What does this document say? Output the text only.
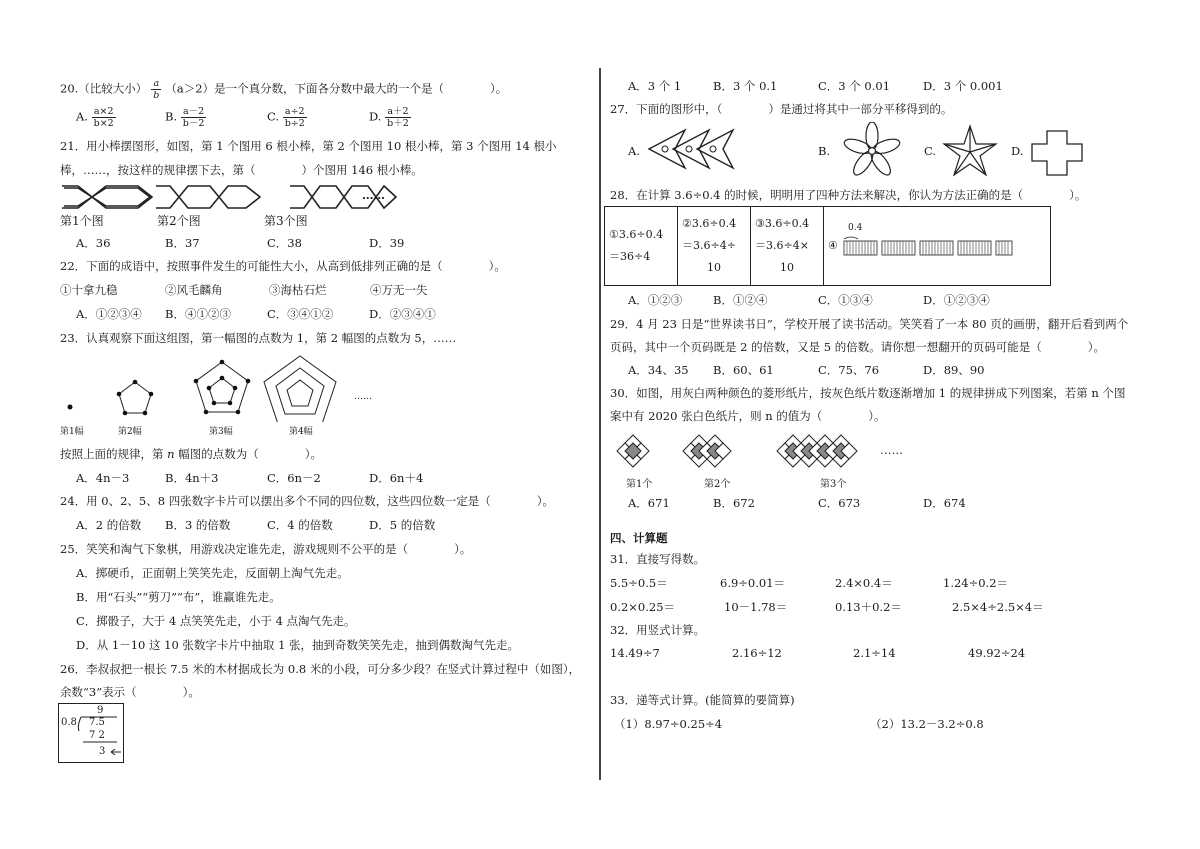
20.（比较大小） $\frac{a}{b} (a>2)$是一个真分数，下面各分数中最大的一个是（　　　　）。
A. $\frac{a\times 2}{b\times 2}$	B. $\frac{a-2}{b-2}$	C. $\frac{a\div 2}{b\div 2}$	D. $\frac{a+2}{b+2}$
21．用小棒摆图形，如图，第 1 个图用 6 根小棒，第 2 个图用 10 根小棒，第 3 个图用 14 根小
棒，……，按这样的规律摆下去，第（　　　　）个图用 146 根小棒。
……
第1个图	第2个图	第3个图
A．36	B．37	C．38	D．39
22．下面的成语中，按照事件发生的可能性大小，从高到低排列正确的是（　　　　）。
①十拿九稳	②风毛麟角	③海枯石烂	④万无一失
A．①②③④ B．④①②③	C．③④①②	D．②③④①
23．认真观察下面这组图，第一幅图的点数为 1，第 2 幅图的点数为 5，……
……
第1幅	第2幅	第3幅	第4幅
按照上面的规律，第 n 幅图的点数为（　　　　）。
A．4n－3	B．4n＋3	C．6n－2	D．6n＋4
24．用 0、2、5、8 四张数字卡片可以摆出多个不同的四位数，这些四位数一定是（　　　　）。
A．2 的倍数 B．3 的倍数	C．4 的倍数	D．5 的倍数
25．笑笑和淘气下象棋，用游戏决定谁先走，游戏规则不公平的是（　　　　）。
A．掷硬币，正面朝上笑笑先走，反面朝上淘气先走。
B．用“石头”“剪刀”“布”，谁赢谁先走。
C．掷骰子，大于 4 点笑笑先走，小于 4 点淘气先走。
D．从 1－10 这 10 张数字卡片中抽取 1 张，抽到奇数笑笑先走，抽到偶数淘气先走。
26．李叔叔把一根长 7.5 米的木材据成长为 0.8 米的小段，可分多少段？在竖式计算过程中（如图），
余数“3”表示（　　　　）。
9
0.8 7.5
7 2
3
A．3 个 1	B．3 个 0.1	C．3 个 0.01	D．3 个 0.001
27．下面的图形中，（　　　　）是通过将其中一部分平移得到的。
A.	B.	C.	D.
28．在计算 3.6÷0.4 的时候，明明用了四种方法来解决，你认为方法正确的是（　　　　）。
①3.6÷0.4
＝36÷4

②3.6÷0.4
＝3.6÷4÷
10

③3.6÷0.4
＝3.6÷4×
10

0.4
④
A．①②③	B．①②④	C．①③④	D．①②③④
29．4 月 23 日是“世界读书日”，学校开展了读书活动。笑笑看了一本 80 页的画册，翻开后看到两个
页码，其中一个页码既是 2 的倍数，又是 5 的倍数。请你想一想翻开的页码可能是（　　　　）。
A．34、35 B．60、61	C．75、76	D．89、90
30．如图，用灰白两种颜色的菱形纸片，按灰色纸片数逐渐增加 1 的规律拼成下列图案，若第 n 个图
案中有 2020 张白色纸片，则 n 的值为（　　　　）。
……
第1个	第2个	第3个
A．671	B．672	C．673	D．674
四、计算题
31．直接写得数。
5.5÷0.5＝	6.9÷0.01＝	2.4×0.4＝	1.24÷0.2＝
0.2×0.25＝	10－1.78＝	0.13＋0.2＝	2.5×4÷2.5×4＝
32．用竖式计算。
14.49÷7	2.16÷12	2.1÷14	49.92÷24
33．递等式计算。(能简算的要简算)
（1）8.97÷0.25÷4	（2）13.2－3.2÷0.8
